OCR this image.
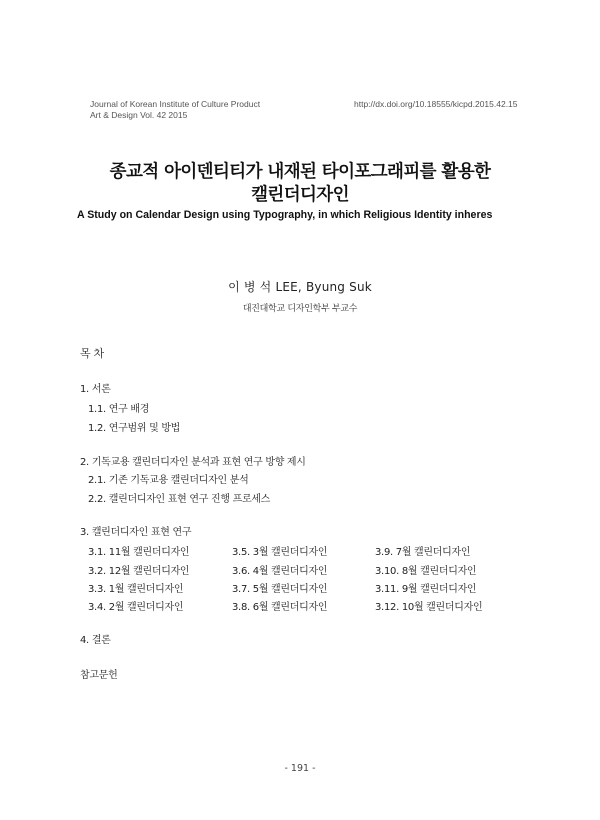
Journal of Korean Institute of Culture Product
Art & Design Vol. 42 2015
http://dx.doi.org/10.18555/kicpd.2015.42.15
종교적 아이덴티티가 내재된 타이포그래피를 활용한
캘린더디자인
A Study on Calendar Design using Typography, in which Religious Identity inheres
이 병 석 LEE, Byung Suk
대진대학교 디자인학부 부교수
목 차
1. 서론
1.1. 연구 배경
1.2. 연구범위 및 방법
2. 기독교용 캘린더디자인 분석과 표현 연구 방향 제시
2.1. 기존 기독교용 캘린더디자인 분석
2.2. 캘린더디자인 표현 연구 진행 프로세스
3. 캘린더디자인 표현 연구
3.1. 11월 캘린더디자인	3.5. 3월 캘린더디자인	3.9. 7월 캘린더디자인
3.2. 12월 캘린더디자인	3.6. 4월 캘린더디자인	3.10. 8월 캘린더디자인
3.3. 1월 캘린더디자인	3.7. 5월 캘린더디자인	3.11. 9월 캘린더디자인
3.4. 2월 캘린더디자인	3.8. 6월 캘린더디자인	3.12. 10월 캘린더디자인
4. 결론
참고문헌
- 191 -
